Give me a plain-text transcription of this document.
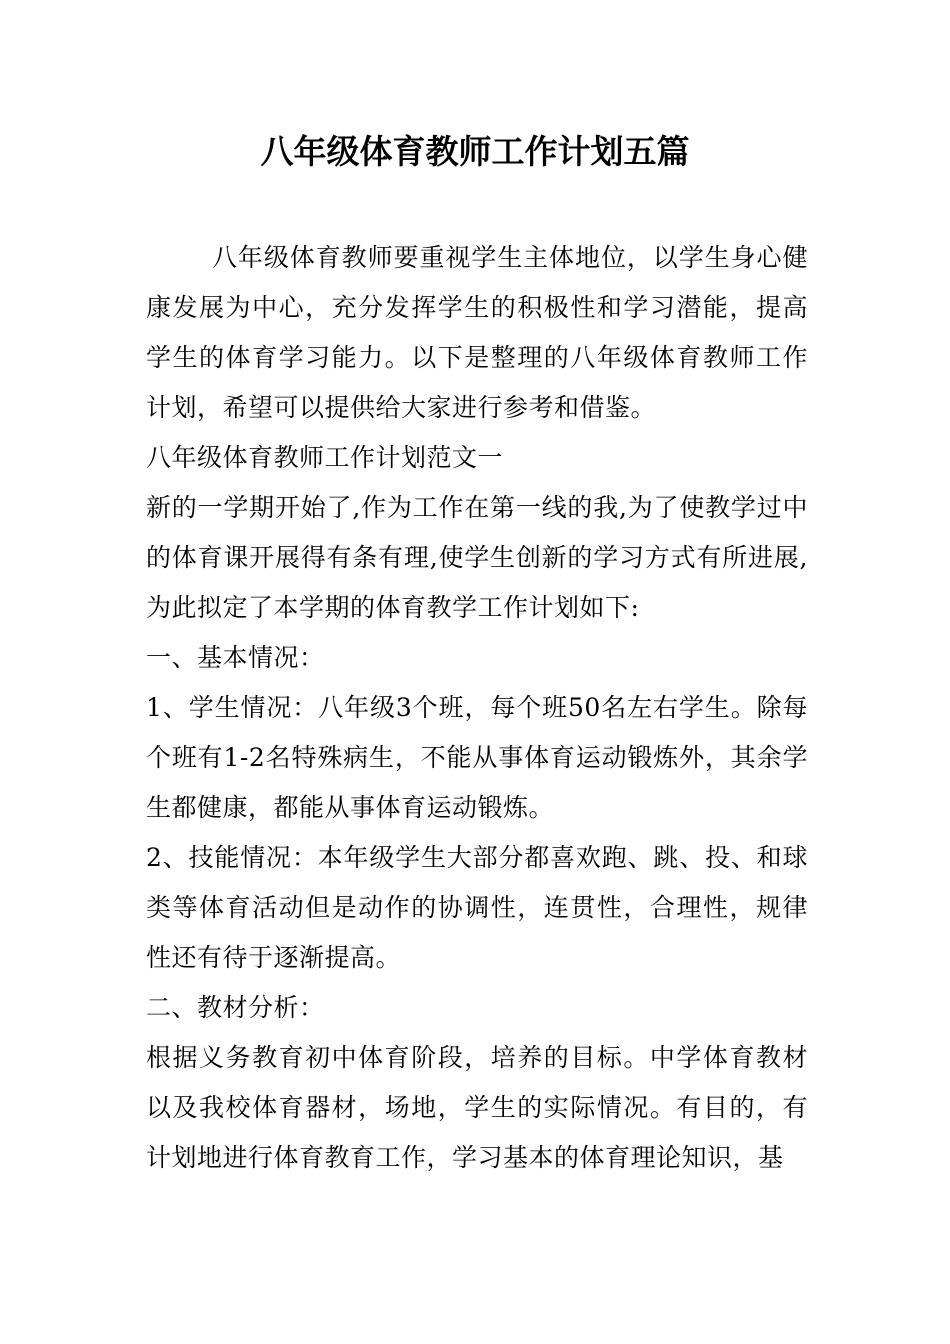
八年级体育教师工作计划五篇

八年级体育教师要重视学生主体地位，以学生身心健康发展为中心，充分发挥学生的积极性和学习潜能，提高学生的体育学习能力。以下是整理的八年级体育教师工作计划，希望可以提供给大家进行参考和借鉴。

八年级体育教师工作计划范文一

新的一学期开始了,作为工作在第一线的我,为了使教学过中的体育课开展得有条有理,使学生创新的学习方式有所进展,为此拟定了本学期的体育教学工作计划如下:

一、基本情况：

1、学生情况：八年级3个班，每个班50名左右学生。除每个班有1-2名特殊病生，不能从事体育运动锻炼外，其余学生都健康，都能从事体育运动锻炼。

2、技能情况：本年级学生大部分都喜欢跑、跳、投、和球类等体育活动但是动作的协调性，连贯性，合理性，规律性还有待于逐渐提高。

二、教材分析：

根据义务教育初中体育阶段，培养的目标。中学体育教材以及我校体育器材，场地，学生的实际情况。有目的，有计划地进行体育教育工作，学习基本的体育理论知识，基
